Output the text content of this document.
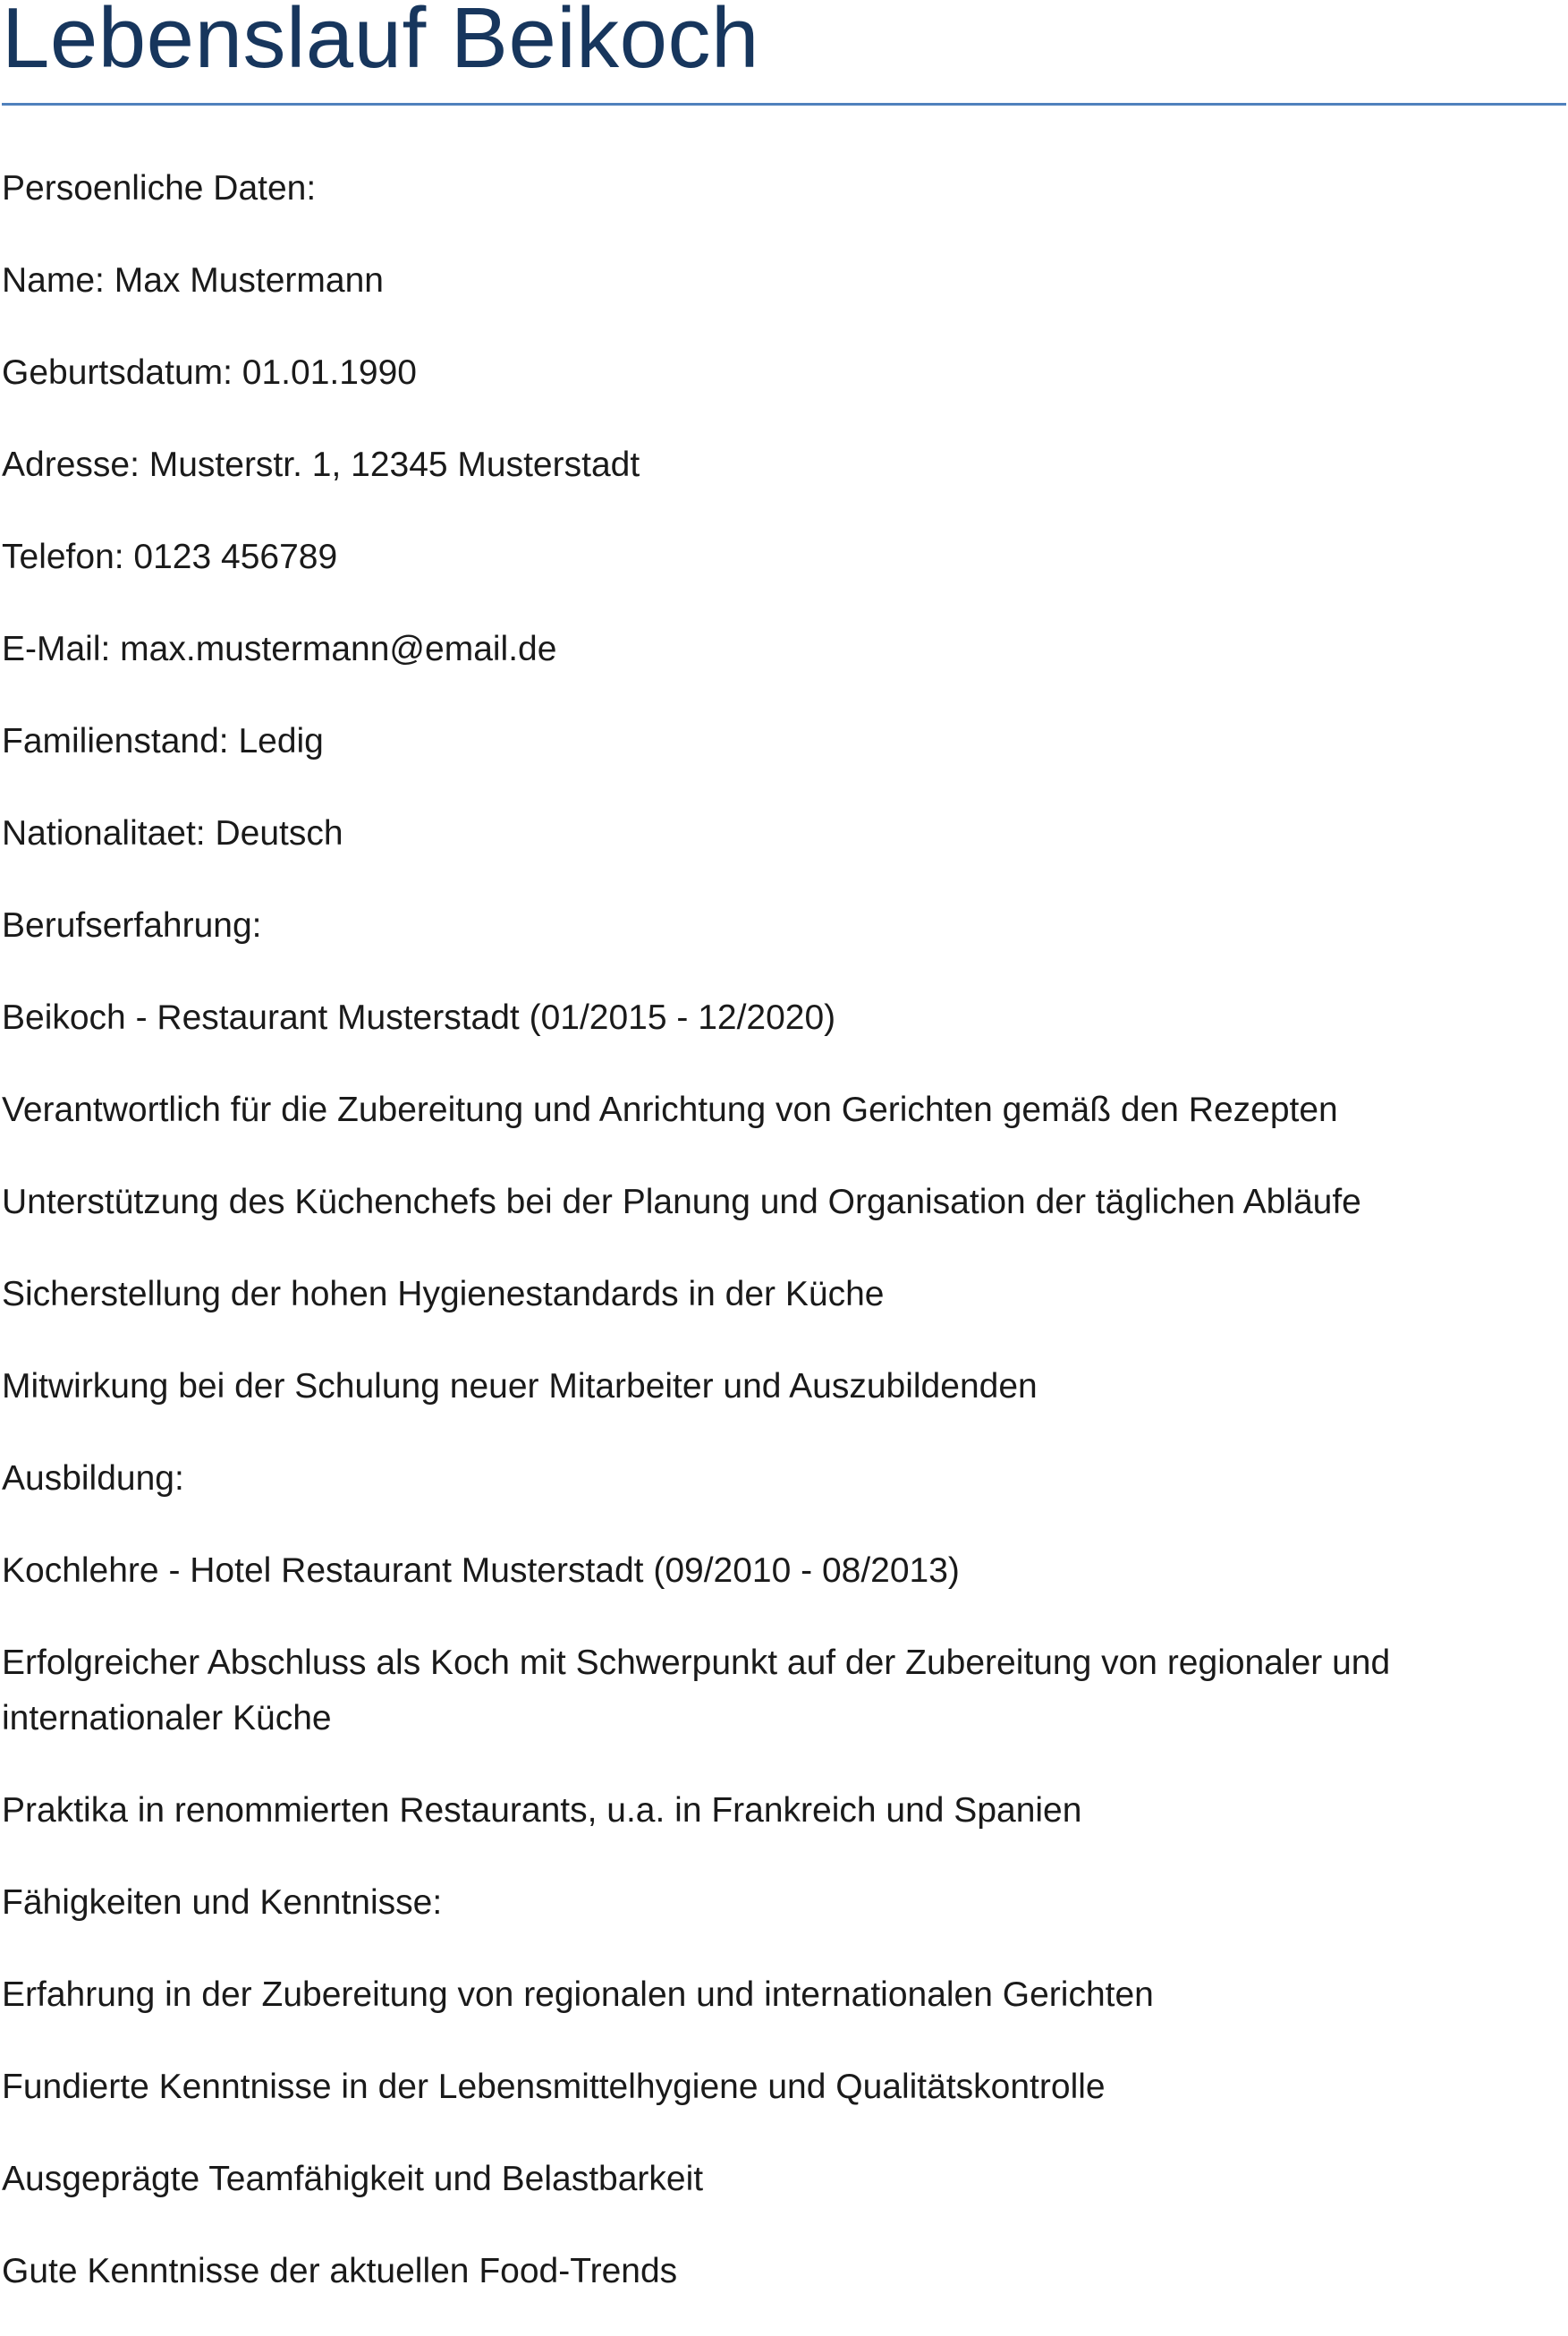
Lebenslauf Beikoch

Persoenliche Daten:

Name: Max Mustermann

Geburtsdatum: 01.01.1990

Adresse: Musterstr. 1, 12345 Musterstadt

Telefon: 0123 456789

E-Mail: max.mustermann@email.de

Familienstand: Ledig

Nationalitaet: Deutsch

Berufserfahrung:

Beikoch - Restaurant Musterstadt (01/2015 - 12/2020)

Verantwortlich für die Zubereitung und Anrichtung von Gerichten gemäß den Rezepten

Unterstützung des Küchenchefs bei der Planung und Organisation der täglichen Abläufe

Sicherstellung der hohen Hygienestandards in der Küche

Mitwirkung bei der Schulung neuer Mitarbeiter und Auszubildenden

Ausbildung:

Kochlehre - Hotel Restaurant Musterstadt (09/2010 - 08/2013)

Erfolgreicher Abschluss als Koch mit Schwerpunkt auf der Zubereitung von regionaler und internationaler Küche

Praktika in renommierten Restaurants, u.a. in Frankreich und Spanien

Fähigkeiten und Kenntnisse:

Erfahrung in der Zubereitung von regionalen und internationalen Gerichten

Fundierte Kenntnisse in der Lebensmittelhygiene und Qualitätskontrolle

Ausgeprägte Teamfähigkeit und Belastbarkeit

Gute Kenntnisse der aktuellen Food-Trends
